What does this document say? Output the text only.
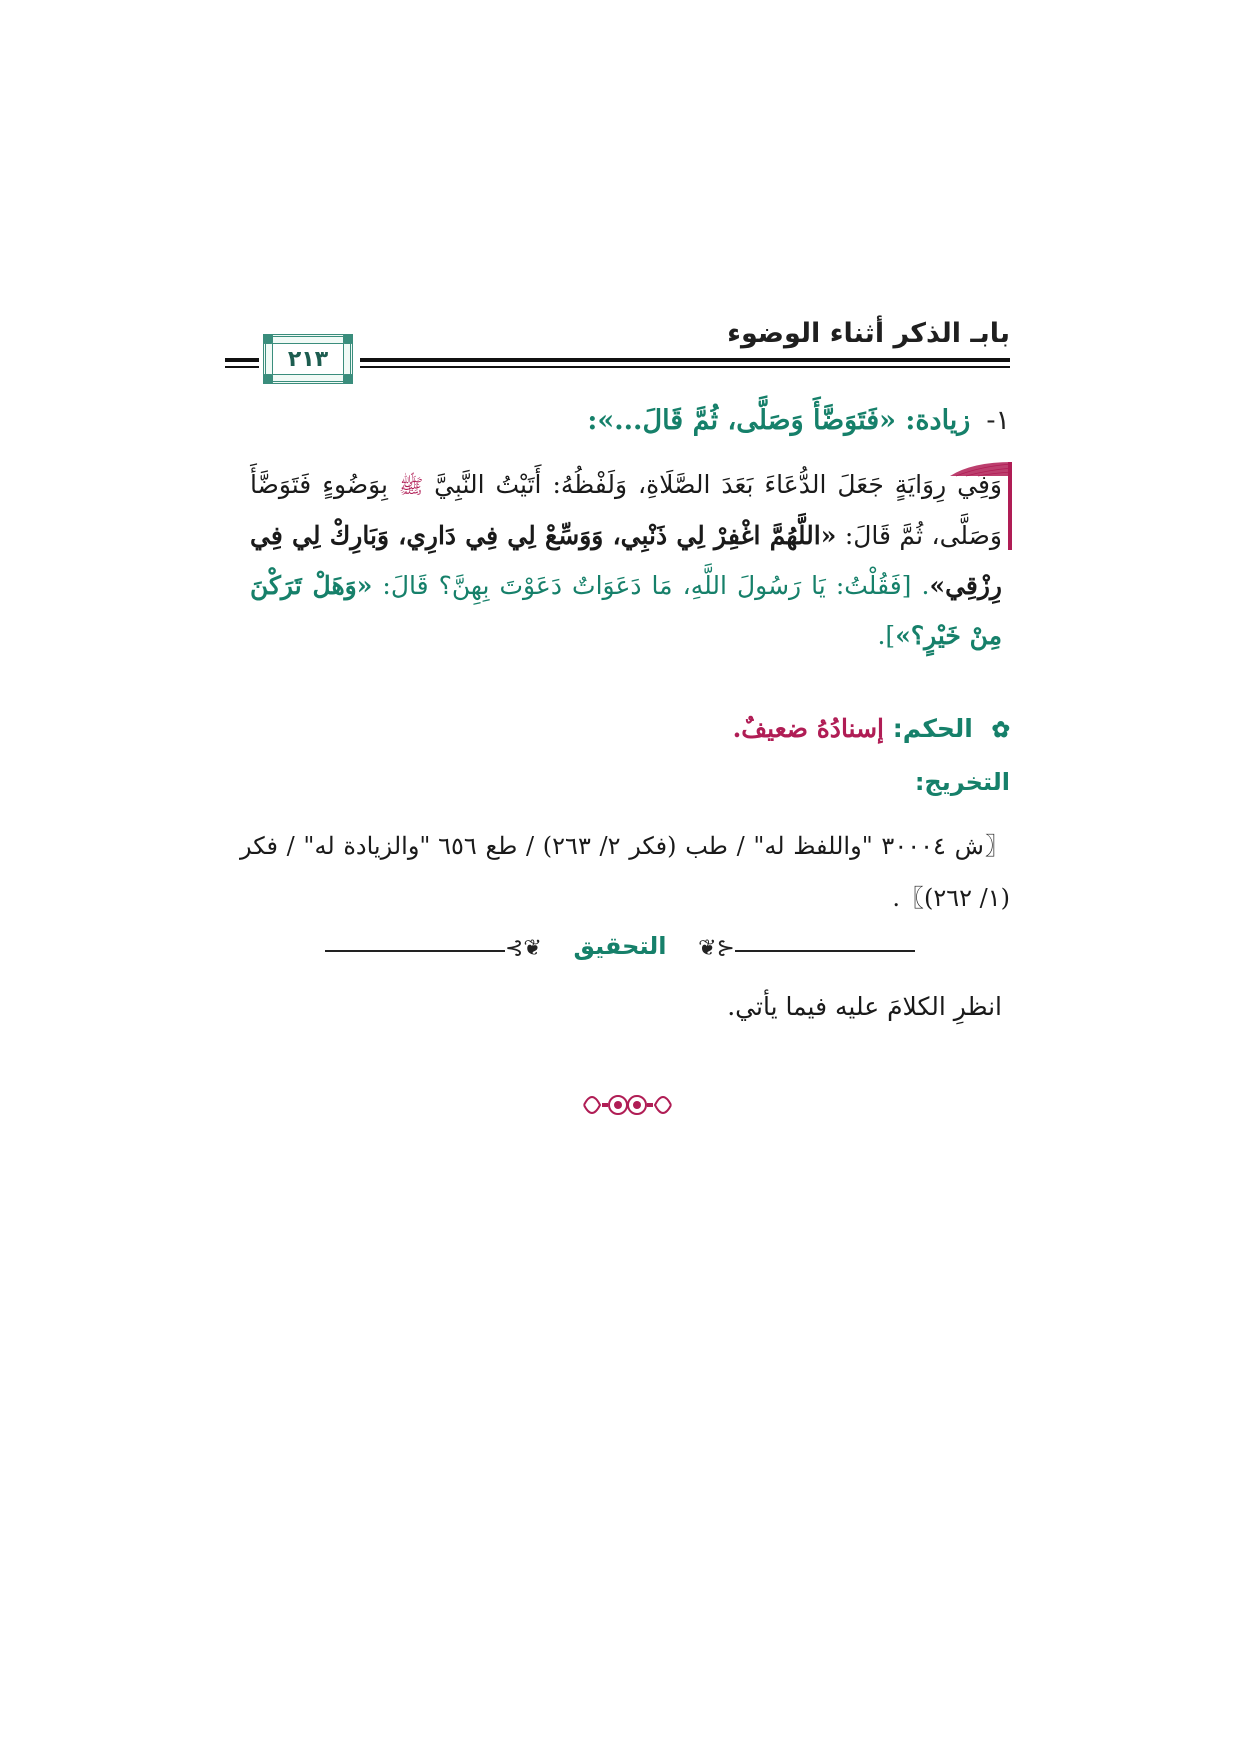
بابـ الذكر أثناء الوضوء
٢١٣
١-زيادة: «فَتَوَضَّأَ وَصَلَّى، ثُمَّ قَالَ...»:
وَفِي رِوَايَةٍ جَعَلَ الدُّعَاءَ بَعَدَ الصَّلَاةِ، وَلَفْظُهُ: أَتَيْتُ النَّبِيَّ ﷺ بِوَضُوءٍ فَتَوَضَّأَ وَصَلَّى، ثُمَّ قَالَ: «اللَّهُمَّ اغْفِرْ لِي ذَنْبِي، وَوَسِّعْ لِي فِي دَارِي، وَبَارِكْ لِي فِي رِزْقِي». [فَقُلْتُ: يَا رَسُولَ اللَّهِ، مَا دَعَوَاتٌ دَعَوْتَ بِهِنَّ؟ قَالَ: «وَهَلْ تَرَكْنَ مِنْ خَيْرٍ؟»].
✿ الحكم: إسنادُهُ ضعيفٌ.
التخريج:
〖ش ٣٠٠٠٤ "واللفظ له" / طب (فكر ٢/ ٢٦٣) / طع ٦٥٦ "والزيادة له" / فكر (١/ ٢٦٢)〗.
⊰❦	التحقيق	❦⊱
انظرِ الكلامَ عليه فيما يأتي.
